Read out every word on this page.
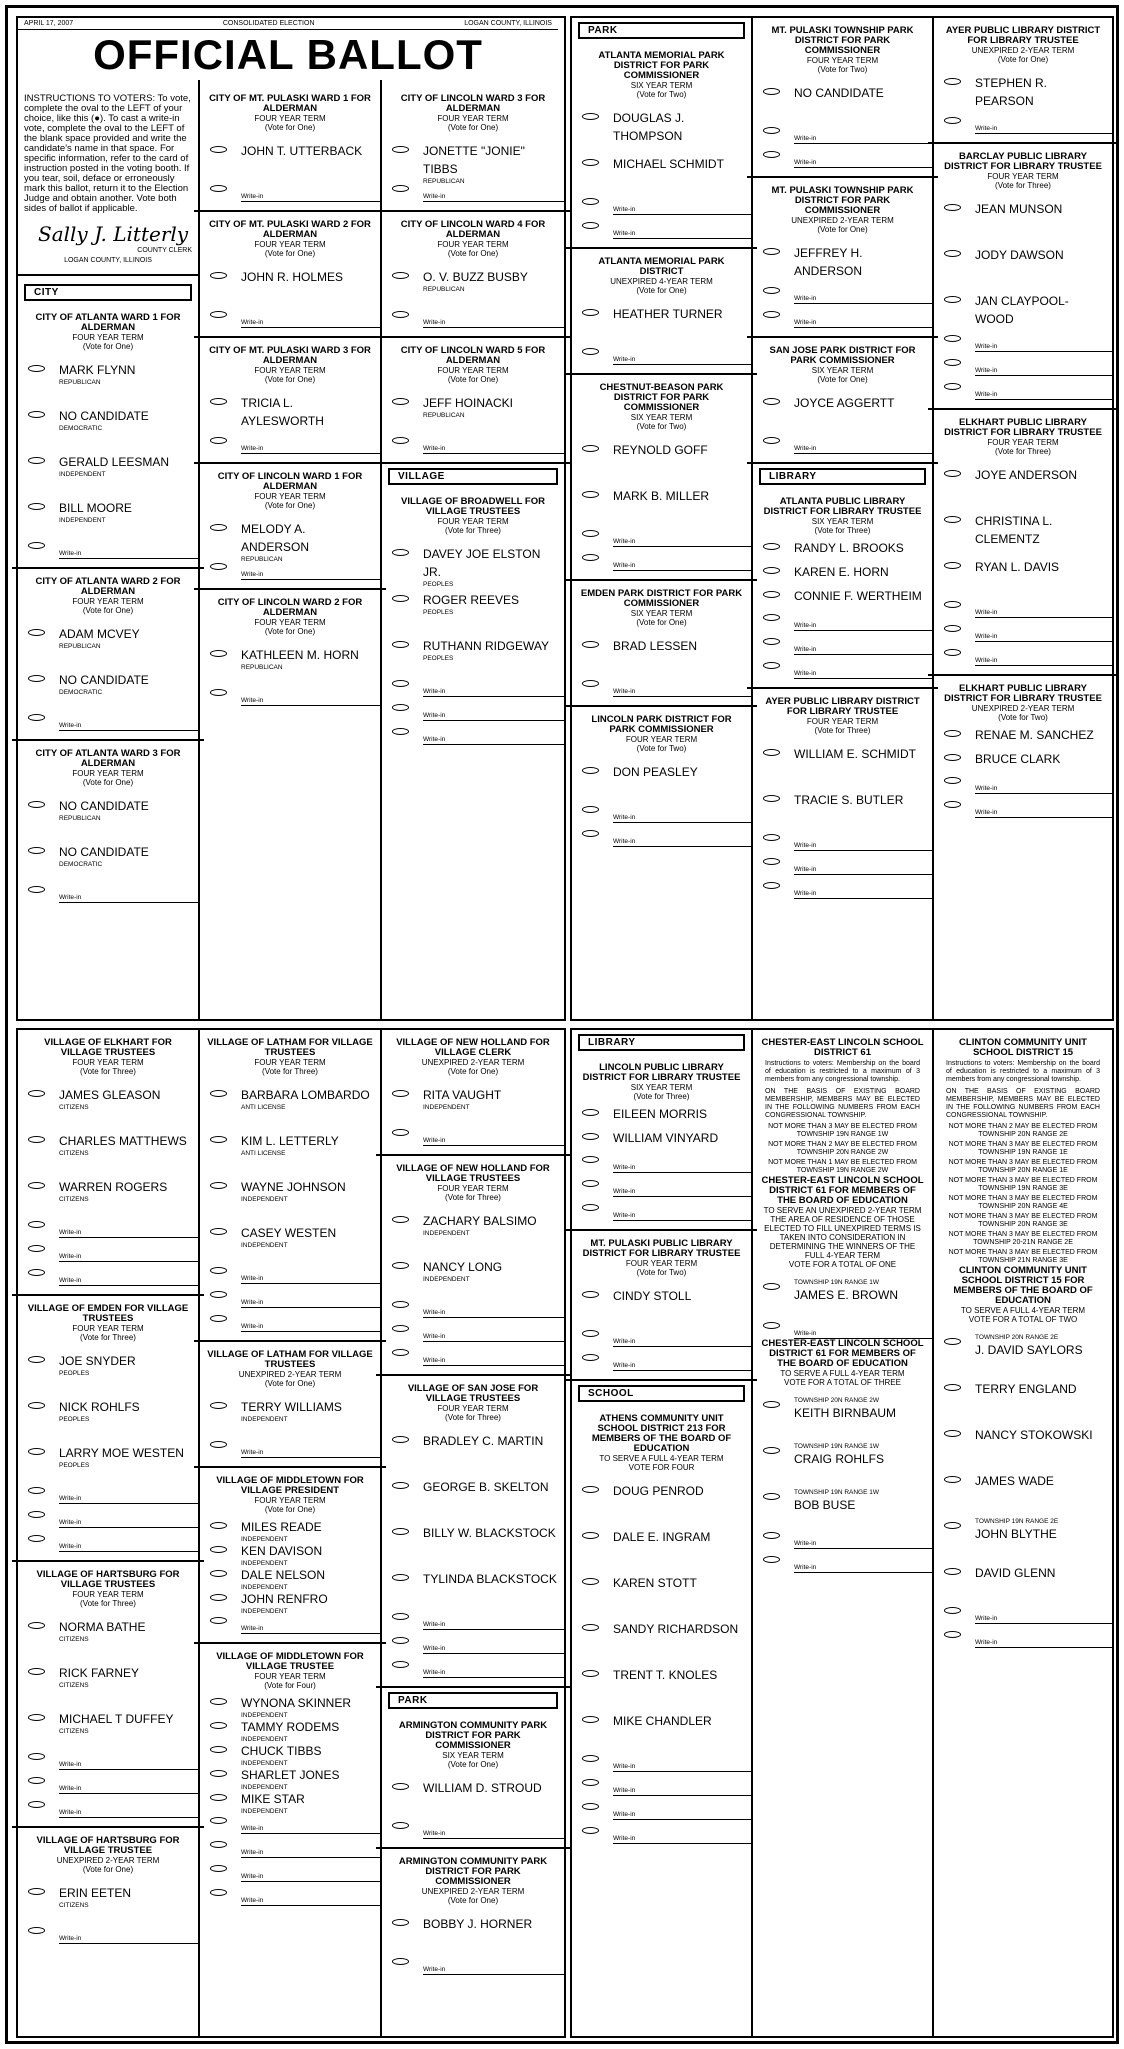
APRIL 17, 2007	CONSOLIDATED ELECTION	LOGAN COUNTY, ILLINOIS
OFFICIAL BALLOT
INSTRUCTIONS TO VOTERS: To vote, complete the oval to the LEFT of your choice, like this (●). To cast a write-in vote, complete the oval to the LEFT of the blank space provided and write the candidate's name in that space. For specific information, refer to the card of instruction posted in the voting booth. If you tear, soil, deface or erroneously mark this ballot, return it to the Election Judge and obtain another. Vote both sides of ballot if applicable.
Sally J. Litterly
COUNTY CLERK
LOGAN COUNTY, ILLINOIS
CITY
CITY OF ATLANTA WARD 1 FOR ALDERMAN
FOUR YEAR TERM
(Vote for One)
MARK FLYNN
REPUBLICAN
NO CANDIDATE
DEMOCRATIC
GERALD LEESMAN
INDEPENDENT
BILL MOORE
INDEPENDENT
Write-in
CITY OF ATLANTA WARD 2 FOR ALDERMAN
FOUR YEAR TERM
(Vote for One)
ADAM MCVEY
REPUBLICAN
NO CANDIDATE
DEMOCRATIC
Write-in
CITY OF ATLANTA WARD 3 FOR ALDERMAN
FOUR YEAR TERM
(Vote for One)
NO CANDIDATE
REPUBLICAN
NO CANDIDATE
DEMOCRATIC
Write-in
CITY OF MT. PULASKI WARD 1 FOR ALDERMAN
FOUR YEAR TERM
(Vote for One)
JOHN T. UTTERBACK
Write-in
CITY OF MT. PULASKI WARD 2 FOR ALDERMAN
FOUR YEAR TERM
(Vote for One)
JOHN R. HOLMES
Write-in
CITY OF MT. PULASKI WARD 3 FOR ALDERMAN
FOUR YEAR TERM
(Vote for One)
TRICIA L. AYLESWORTH
Write-in
CITY OF LINCOLN WARD 1 FOR ALDERMAN
FOUR YEAR TERM
(Vote for One)
MELODY A. ANDERSON
REPUBLICAN
Write-in
CITY OF LINCOLN WARD 2 FOR ALDERMAN
FOUR YEAR TERM
(Vote for One)
KATHLEEN M. HORN
REPUBLICAN
Write-in
CITY OF LINCOLN WARD 3 FOR ALDERMAN
FOUR YEAR TERM
(Vote for One)
JONETTE "JONIE" TIBBS
REPUBLICAN
Write-in
CITY OF LINCOLN WARD 4 FOR ALDERMAN
FOUR YEAR TERM
(Vote for One)
O. V. BUZZ BUSBY
REPUBLICAN
Write-in
CITY OF LINCOLN WARD 5 FOR ALDERMAN
FOUR YEAR TERM
(Vote for One)
JEFF HOINACKI
REPUBLICAN
Write-in
VILLAGE
VILLAGE OF BROADWELL FOR VILLAGE TRUSTEES
FOUR YEAR TERM
(Vote for Three)
DAVEY JOE ELSTON JR.
PEOPLES
ROGER REEVES
PEOPLES
RUTHANN RIDGEWAY
PEOPLES
Write-in
Write-in
Write-in
PARK
ATLANTA MEMORIAL PARK DISTRICT FOR PARK COMMISSIONER
SIX YEAR TERM
(Vote for Two)
DOUGLAS J. THOMPSON
MICHAEL SCHMIDT
Write-in
Write-in
ATLANTA MEMORIAL PARK DISTRICT
UNEXPIRED 4-YEAR TERM
(Vote for One)
HEATHER TURNER
Write-in
CHESTNUT-BEASON PARK DISTRICT FOR PARK COMMISSIONER
SIX YEAR TERM
(Vote for Two)
REYNOLD GOFF
MARK B. MILLER
Write-in
Write-in
EMDEN PARK DISTRICT FOR PARK COMMISSIONER
SIX YEAR TERM
(Vote for One)
BRAD LESSEN
Write-in
LINCOLN PARK DISTRICT FOR PARK COMMISSIONER
FOUR YEAR TERM
(Vote for Two)
DON PEASLEY
Write-in
Write-in
MT. PULASKI TOWNSHIP PARK DISTRICT FOR PARK COMMISSIONER
FOUR YEAR TERM
(Vote for Two)
NO CANDIDATE
Write-in
Write-in
MT. PULASKI TOWNSHIP PARK DISTRICT FOR PARK COMMISSIONER
UNEXPIRED 2-YEAR TERM
(Vote for One)
JEFFREY H. ANDERSON
Write-in
Write-in
SAN JOSE PARK DISTRICT FOR PARK COMMISSIONER
SIX YEAR TERM
(Vote for One)
JOYCE AGGERTT
Write-in
LIBRARY
ATLANTA PUBLIC LIBRARY DISTRICT FOR LIBRARY TRUSTEE
SIX YEAR TERM
(Vote for Three)
RANDY L. BROOKS
KAREN E. HORN
CONNIE F. WERTHEIM
Write-in
Write-in
Write-in
AYER PUBLIC LIBRARY DISTRICT FOR LIBRARY TRUSTEE
FOUR YEAR TERM
(Vote for Three)
WILLIAM E. SCHMIDT
TRACIE S. BUTLER
Write-in
Write-in
Write-in
AYER PUBLIC LIBRARY DISTRICT FOR LIBRARY TRUSTEE
UNEXPIRED 2-YEAR TERM
(Vote for One)
STEPHEN R. PEARSON
Write-in
BARCLAY PUBLIC LIBRARY DISTRICT FOR LIBRARY TRUSTEE
FOUR YEAR TERM
(Vote for Three)
JEAN MUNSON
JODY DAWSON
JAN CLAYPOOL-WOOD
Write-in
Write-in
Write-in
ELKHART PUBLIC LIBRARY DISTRICT FOR LIBRARY TRUSTEE
FOUR YEAR TERM
(Vote for Three)
JOYE ANDERSON
CHRISTINA L. CLEMENTZ
RYAN L. DAVIS
Write-in
Write-in
Write-in
ELKHART PUBLIC LIBRARY DISTRICT FOR LIBRARY TRUSTEE
UNEXPIRED 2-YEAR TERM
(Vote for Two)
RENAE M. SANCHEZ
BRUCE CLARK
Write-in
Write-in
VILLAGE OF ELKHART FOR VILLAGE TRUSTEES
FOUR YEAR TERM
(Vote for Three)
JAMES GLEASON
CITIZENS
CHARLES MATTHEWS
CITIZENS
WARREN ROGERS
CITIZENS
Write-in
Write-in
Write-in
VILLAGE OF EMDEN FOR VILLAGE TRUSTEES
FOUR YEAR TERM
(Vote for Three)
JOE SNYDER
PEOPLES
NICK ROHLFS
PEOPLES
LARRY MOE WESTEN
PEOPLES
Write-in
Write-in
Write-in
VILLAGE OF HARTSBURG FOR VILLAGE TRUSTEES
FOUR YEAR TERM
(Vote for Three)
NORMA BATHE
CITIZENS
RICK FARNEY
CITIZENS
MICHAEL T DUFFEY
CITIZENS
Write-in
Write-in
Write-in
VILLAGE OF HARTSBURG FOR VILLAGE TRUSTEE
UNEXPIRED 2-YEAR TERM
(Vote for One)
ERIN EETEN
CITIZENS
Write-in
VILLAGE OF LATHAM FOR VILLAGE TRUSTEES
FOUR YEAR TERM
(Vote for Three)
BARBARA LOMBARDO
ANTI LICENSE
KIM L. LETTERLY
ANTI LICENSE
WAYNE JOHNSON
INDEPENDENT
CASEY WESTEN
INDEPENDENT
Write-in
Write-in
Write-in
VILLAGE OF LATHAM FOR VILLAGE TRUSTEES
UNEXPIRED 2-YEAR TERM
(Vote for One)
TERRY WILLIAMS
INDEPENDENT
Write-in
VILLAGE OF MIDDLETOWN FOR VILLAGE PRESIDENT
FOUR YEAR TERM
(Vote for One)
MILES READE
INDEPENDENT
KEN DAVISON
INDEPENDENT
DALE NELSON
INDEPENDENT
JOHN RENFRO
INDEPENDENT
Write-in
VILLAGE OF MIDDLETOWN FOR VILLAGE TRUSTEE
FOUR YEAR TERM
(Vote for Four)
WYNONA SKINNER
INDEPENDENT
TAMMY RODEMS
INDEPENDENT
CHUCK TIBBS
INDEPENDENT
SHARLET JONES
INDEPENDENT
MIKE STAR
INDEPENDENT
Write-in
Write-in
Write-in
Write-in
VILLAGE OF NEW HOLLAND FOR VILLAGE CLERK
UNEXPIRED 2-YEAR TERM
(Vote for One)
RITA VAUGHT
INDEPENDENT
Write-in
VILLAGE OF NEW HOLLAND FOR VILLAGE TRUSTEES
FOUR YEAR TERM
(Vote for Three)
ZACHARY BALSIMO
INDEPENDENT
NANCY LONG
INDEPENDENT
Write-in
Write-in
Write-in
VILLAGE OF SAN JOSE FOR VILLAGE TRUSTEES
FOUR YEAR TERM
(Vote for Three)
BRADLEY C. MARTIN
GEORGE B. SKELTON
BILLY W. BLACKSTOCK
TYLINDA BLACKSTOCK
Write-in
Write-in
Write-in
PARK
ARMINGTON COMMUNITY PARK DISTRICT FOR PARK COMMISSIONER
SIX YEAR TERM
(Vote for One)
WILLIAM D. STROUD
Write-in
ARMINGTON COMMUNITY PARK DISTRICT FOR PARK COMMISSIONER
UNEXPIRED 2-YEAR TERM
(Vote for One)
BOBBY J. HORNER
Write-in
LIBRARY
LINCOLN PUBLIC LIBRARY DISTRICT FOR LIBRARY TRUSTEE
SIX YEAR TERM
(Vote for Three)
EILEEN MORRIS
WILLIAM VINYARD
Write-in
Write-in
Write-in
MT. PULASKI PUBLIC LIBRARY DISTRICT FOR LIBRARY TRUSTEE
FOUR YEAR TERM
(Vote for Two)
CINDY STOLL
Write-in
Write-in
SCHOOL
ATHENS COMMUNITY UNIT SCHOOL DISTRICT 213 FOR MEMBERS OF THE BOARD OF EDUCATION
TO SERVE A FULL 4-YEAR TERM
VOTE FOR FOUR
DOUG PENROD
DALE E. INGRAM
KAREN STOTT
SANDY RICHARDSON
TRENT T. KNOLES
MIKE CHANDLER
Write-in
Write-in
Write-in
Write-in
CHESTER-EAST LINCOLN SCHOOL DISTRICT 61
Instructions to voters: Membership on the board of education is restricted to a maximum of 3 members from any congressional township.
ON THE BASIS OF EXISTING BOARD MEMBERSHIP, MEMBERS MAY BE ELECTED IN THE FOLLOWING NUMBERS FROM EACH CONGRESSIONAL TOWNSHIP.
NOT MORE THAN 3 MAY BE ELECTED FROM TOWNSHIP 19N RANGE 1W
NOT MORE THAN 2 MAY BE ELECTED FROM TOWNSHIP 20N RANGE 2W
NOT MORE THAN 1 MAY BE ELECTED FROM TOWNSHIP 19N RANGE 2W
CHESTER-EAST LINCOLN SCHOOL DISTRICT 61 FOR MEMBERS OF THE BOARD OF EDUCATION
TO SERVE AN UNEXPIRED 2-YEAR TERM THE AREA OF RESIDENCE OF THOSE ELECTED TO FILL UNEXPIRED TERMS IS TAKEN INTO CONSIDERATION IN DETERMINING THE WINNERS OF THE FULL 4-YEAR TERM
VOTE FOR A TOTAL OF ONE
TOWNSHIP 19N RANGE 1W
JAMES E. BROWN
Write-in
CHESTER-EAST LINCOLN SCHOOL DISTRICT 61 FOR MEMBERS OF THE BOARD OF EDUCATION
TO SERVE A FULL 4-YEAR TERM
VOTE FOR A TOTAL OF THREE
TOWNSHIP 20N RANGE 2W
KEITH BIRNBAUM
TOWNSHIP 19N RANGE 1W
CRAIG ROHLFS
TOWNSHIP 19N RANGE 1W
BOB BUSE
Write-in
Write-in
CLINTON COMMUNITY UNIT SCHOOL DISTRICT 15
Instructions to voters: Membership on the board of education is restricted to a maximum of 3 members from any congressional township.
ON THE BASIS OF EXISTING BOARD MEMBERSHIP, MEMBERS MAY BE ELECTED IN THE FOLLOWING NUMBERS FROM EACH CONGRESSIONAL TOWNSHIP.
NOT MORE THAN 2 MAY BE ELECTED FROM TOWNSHIP 20N RANGE 2E
NOT MORE THAN 3 MAY BE ELECTED FROM TOWNSHIP 19N RANGE 1E
NOT MORE THAN 3 MAY BE ELECTED FROM TOWNSHIP 20N RANGE 1E
NOT MORE THAN 3 MAY BE ELECTED FROM TOWNSHIP 19N RANGE 3E
NOT MORE THAN 3 MAY BE ELECTED FROM TOWNSHIP 20N RANGE 4E
NOT MORE THAN 3 MAY BE ELECTED FROM TOWNSHIP 20N RANGE 3E
NOT MORE THAN 3 MAY BE ELECTED FROM TOWNSHIP 20-21N RANGE 2E
NOT MORE THAN 3 MAY BE ELECTED FROM TOWNSHIP 21N RANGE 3E
CLINTON COMMUNITY UNIT SCHOOL DISTRICT 15 FOR MEMBERS OF THE BOARD OF EDUCATION
TO SERVE A FULL 4-YEAR TERM
VOTE FOR A TOTAL OF TWO
TOWNSHIP 20N RANGE 2E
J. DAVID SAYLORS
TERRY ENGLAND
NANCY STOKOWSKI
JAMES WADE
TOWNSHIP 19N RANGE 2E
JOHN BLYTHE
DAVID GLENN
Write-in
Write-in
